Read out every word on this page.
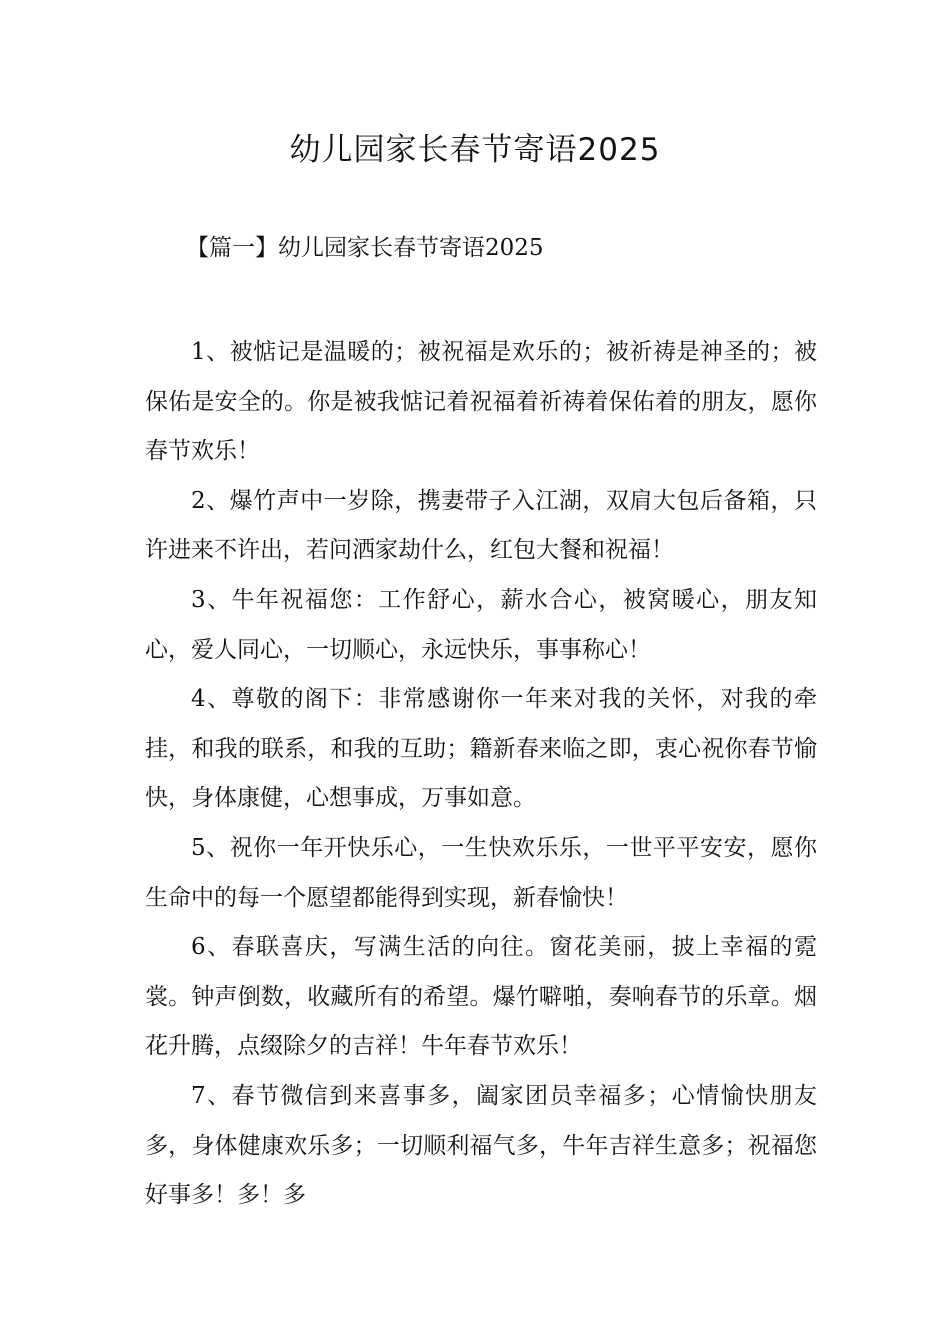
幼儿园家长春节寄语2025
【篇一】幼儿园家长春节寄语2025

1、被惦记是温暖的；被祝福是欢乐的；被祈祷是神圣的；被保佑是安全的。你是被我惦记着祝福着祈祷着保佑着的朋友，愿你春节欢乐！

2、爆竹声中一岁除，携妻带子入江湖，双肩大包后备箱，只许进来不许出，若问洒家劫什么，红包大餐和祝福！

3、牛年祝福您：工作舒心，薪水合心，被窝暖心，朋友知心，爱人同心，一切顺心，永远快乐，事事称心！

4、尊敬的阁下：非常感谢你一年来对我的关怀，对我的牵挂，和我的联系，和我的互助；籍新春来临之即，衷心祝你春节愉快，身体康健，心想事成，万事如意。

5、祝你一年开快乐心，一生快欢乐乐，一世平平安安，愿你生命中的每一个愿望都能得到实现，新春愉快！

6、春联喜庆，写满生活的向往。窗花美丽，披上幸福的霓裳。钟声倒数，收藏所有的希望。爆竹噼啪，奏响春节的乐章。烟花升腾，点缀除夕的吉祥！牛年春节欢乐！

7、春节微信到来喜事多，阖家团员幸福多；心情愉快朋友多，身体健康欢乐多；一切顺利福气多，牛年吉祥生意多；祝福您好事多！多！多
